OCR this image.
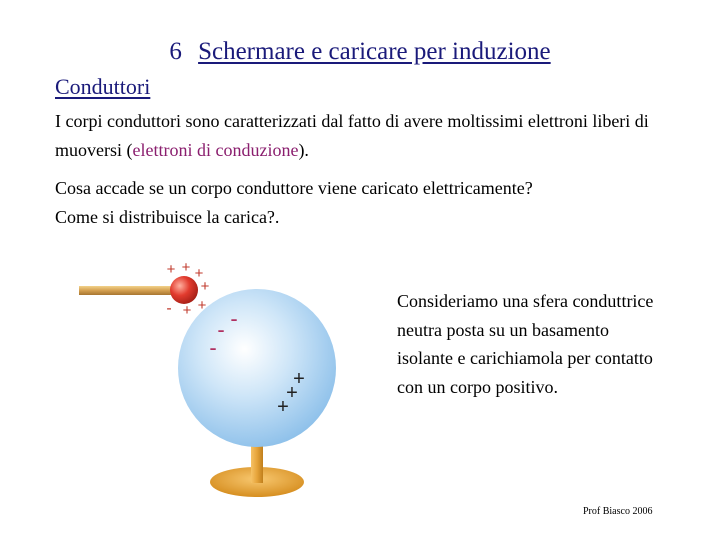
6 Schermare e caricare per induzione
Conduttori
I corpi conduttori sono caratterizzati dal fatto di avere moltissimi elettroni liberi di muoversi (elettroni di conduzione).
Cosa accade se un corpo conduttore viene caricato elettricamente?
Come si distribuisce la carica?.
+ + +
+
+
+
-
- -
-
+
+
+
Consideriamo una sfera conduttrice neutra posta su un basamento isolante e carichiamola per contatto con un corpo positivo.
Prof Biasco 2006
